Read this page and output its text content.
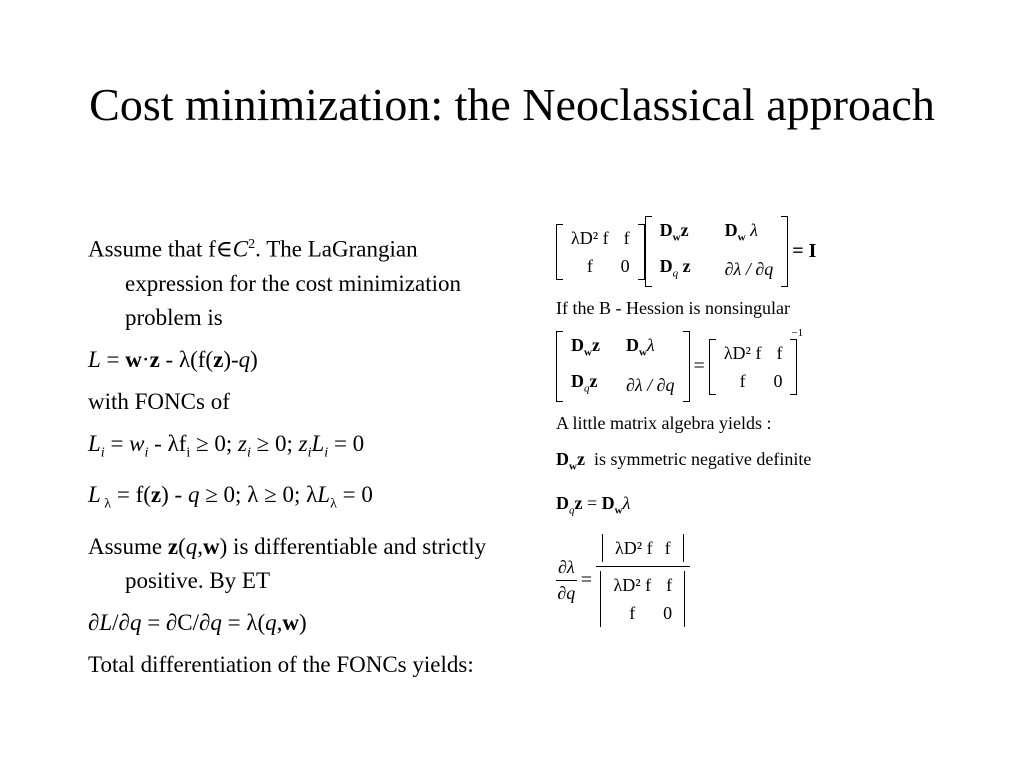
Cost minimization: the Neoclassical approach

Assume that $f\in C^2$. The LaGrangian expression for the cost minimization problem is

L = w·z - λ(f(z)-q)

with FONCs of

$L_i = w_i - \lambda f_i \ge 0$; $z_i \ge 0$; $z_iL_i = 0$

L $_\lambda$ = f(z) - q ≥ 0; λ ≥ 0; $\lambda L_\lambda = 0$

Assume z(q,w) is differentiable and strictly positive. By ET

∂L/∂q = ∂C/∂q = λ(q,w)

Total differentiation of the FONCs yields:

λD² f	f
f	0
$D_wz$	$D_w$ λ
$D_q$ z	∂λ / ∂q
= I
If the B - Hession is nonsingular
$D_wz$	$D_w\lambda$
$D_qz$	∂λ / ∂q
=
λD² f	f
f	0
$^{-1}$
A little matrix algebra yields :
$D_wz$ is symmetric negative definite
$D_qz = D_w\lambda$
$\frac{\partial\lambda}{\partial q} = \lambda D^2$ f	f
λD² f	f
f	0
